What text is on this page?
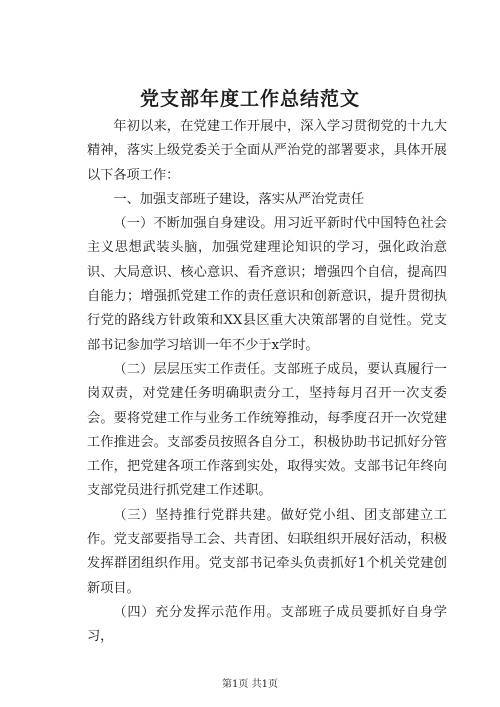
党支部年度工作总结范文

年初以来，在党建工作开展中，深入学习贯彻党的十九大精神，落实上级党委关于全面从严治党的部署要求，具体开展以下各项工作：

一、加强支部班子建设，落实从严治党责任

（一）不断加强自身建设。用习近平新时代中国特色社会主义思想武装头脑，加强党建理论知识的学习，强化政治意识、大局意识、核心意识、看齐意识；增强四个自信，提高四自能力；增强抓党建工作的责任意识和创新意识，提升贯彻执行党的路线方针政策和XX县区重大决策部署的自觉性。党支部书记参加学习培训一年不少于x学时。

（二）层层压实工作责任。支部班子成员，要认真履行一岗双责，对党建任务明确职责分工，坚持每月召开一次支委会。要将党建工作与业务工作统筹推动，每季度召开一次党建工作推进会。支部委员按照各自分工，积极协助书记抓好分管工作，把党建各项工作落到实处，取得实效。支部书记年终向支部党员进行抓党建工作述职。

（三）坚持推行党群共建。做好党小组、团支部建立工作。党支部要指导工会、共青团、妇联组织开展好活动，积极发挥群团组织作用。党支部书记牵头负责抓好1个机关党建创新项目。

（四）充分发挥示范作用。支部班子成员要抓好自身学习，

第1页 共1页
